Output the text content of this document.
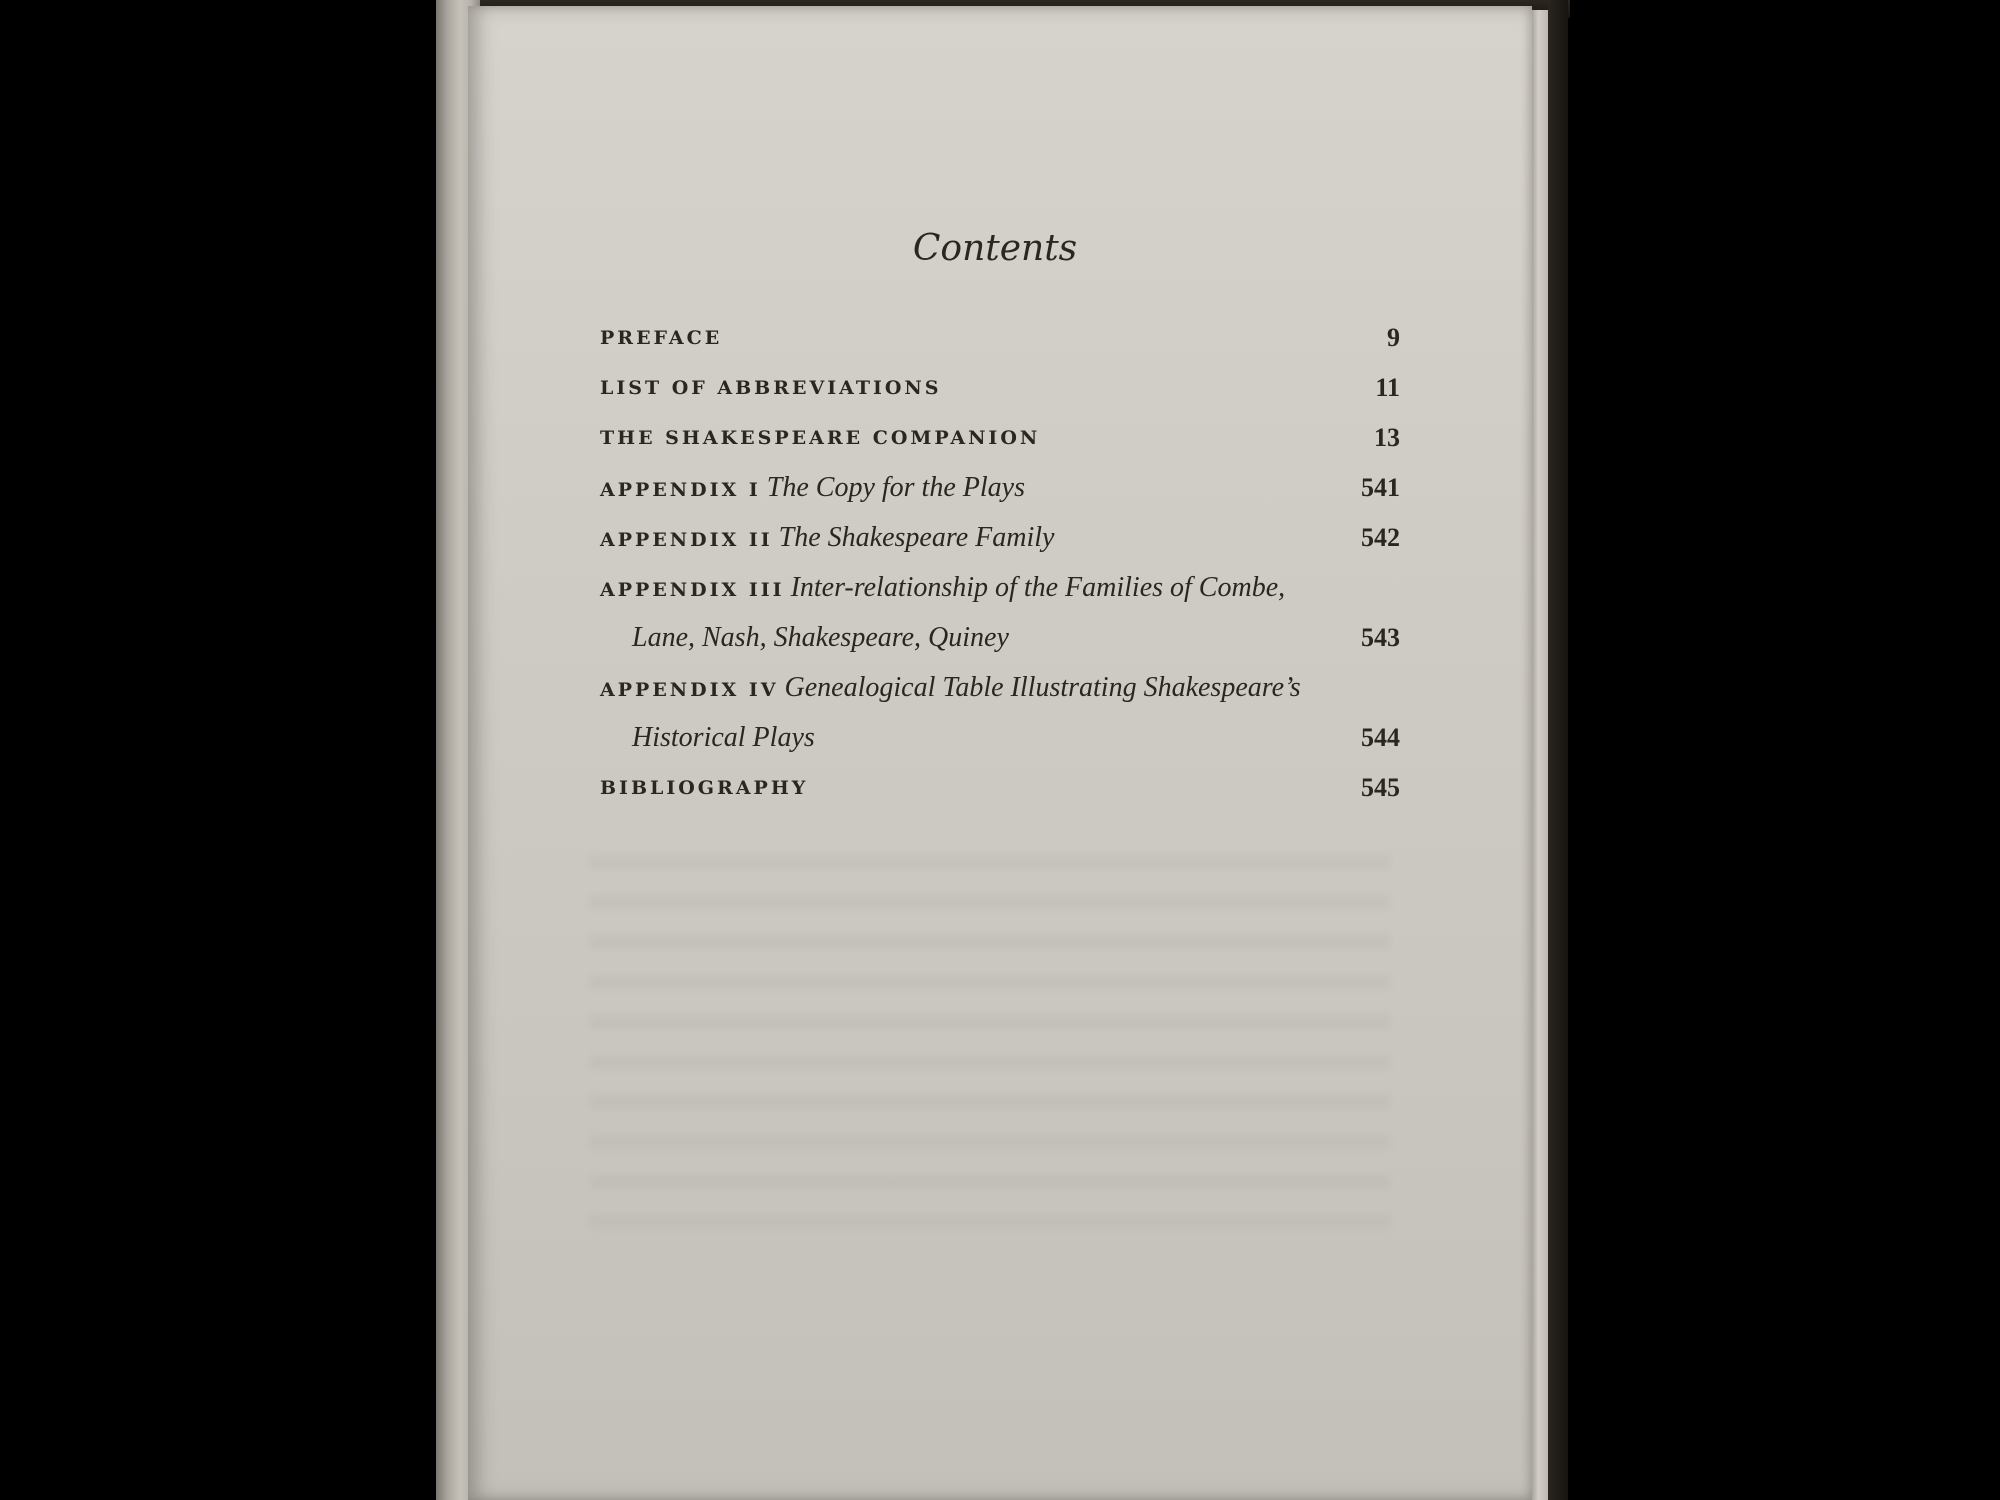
Contents
PREFACE	9
LIST OF ABBREVIATIONS	11
THE SHAKESPEARE COMPANION	13
APPENDIX I The Copy for the Plays	541
APPENDIX II The Shakespeare Family	542
APPENDIX III Inter-relationship of the Families of Combe,
Lane, Nash, Shakespeare, Quiney	543
APPENDIX IV Genealogical Table Illustrating Shakespeare’s
Historical Plays	544
BIBLIOGRAPHY	545
